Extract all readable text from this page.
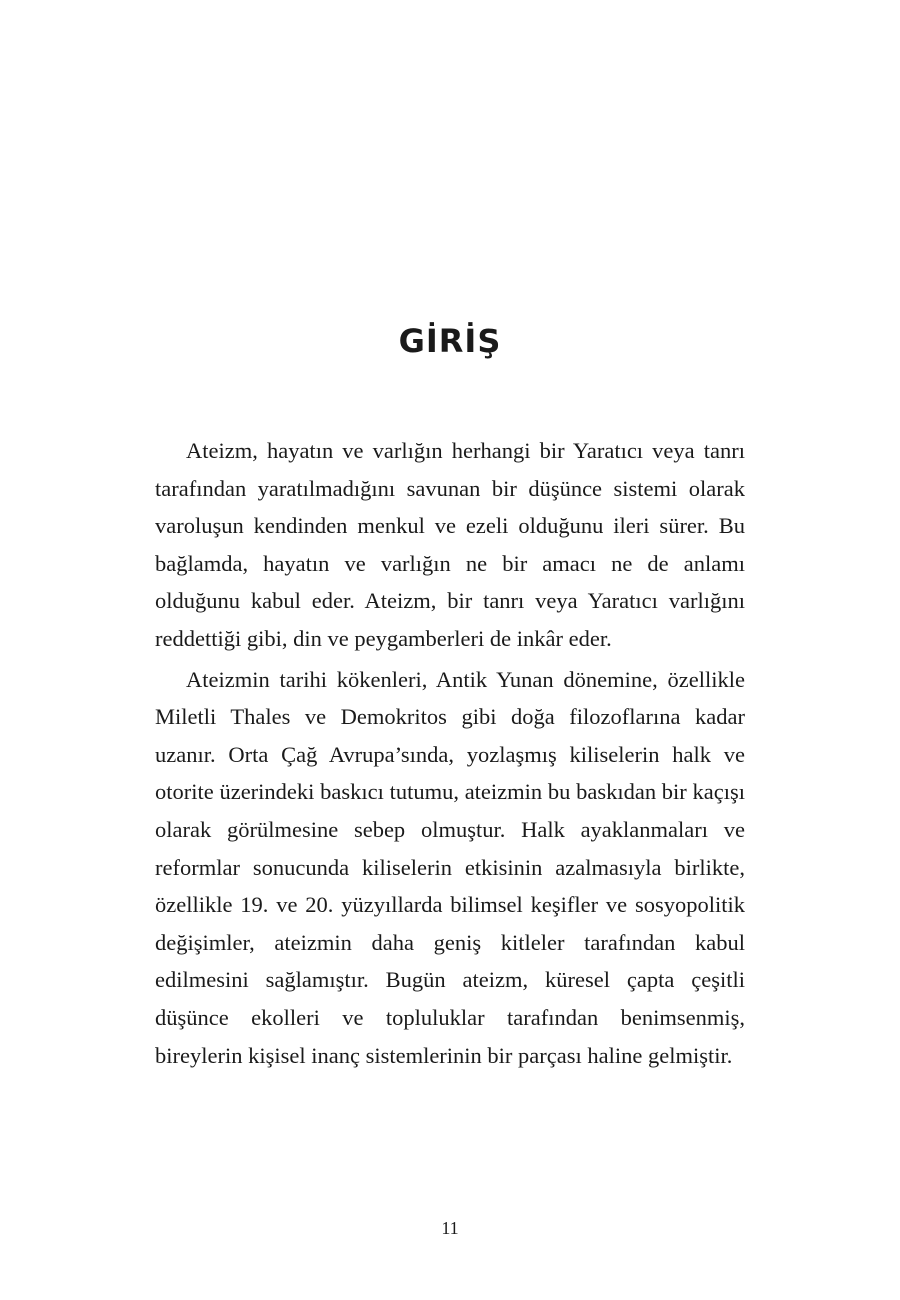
GİRİŞ

Ateizm, hayatın ve varlığın herhangi bir Yaratıcı veya tanrı tarafından yaratılmadığını savunan bir düşünce sistemi olarak varoluşun kendinden menkul ve ezeli olduğunu ileri sürer. Bu bağlamda, hayatın ve varlığın ne bir amacı ne de anlamı olduğunu kabul eder. Ateizm, bir tanrı veya Yaratıcı varlığını reddettiği gibi, din ve peygamberleri de inkâr eder.

Ateizmin tarihi kökenleri, Antik Yunan dönemine, özellikle Miletli Thales ve Demokritos gibi doğa filozoflarına kadar uzanır. Orta Çağ Avrupa’sında, yozlaşmış kiliselerin halk ve otorite üzerindeki baskıcı tutumu, ateizmin bu baskıdan bir kaçışı olarak görülmesine sebep olmuştur. Halk ayaklanmaları ve reformlar sonucunda kiliselerin etkisinin azalmasıyla birlikte, özellikle 19. ve 20. yüzyıllarda bilimsel keşifler ve sosyopolitik değişimler, ateizmin daha geniş kitleler tarafından kabul edilmesini sağlamıştır. Bugün ateizm, küresel çapta çeşitli düşünce ekolleri ve topluluklar tarafından benimsenmiş, bireylerin kişisel inanç sistemlerinin bir parçası haline gelmiştir.

11
